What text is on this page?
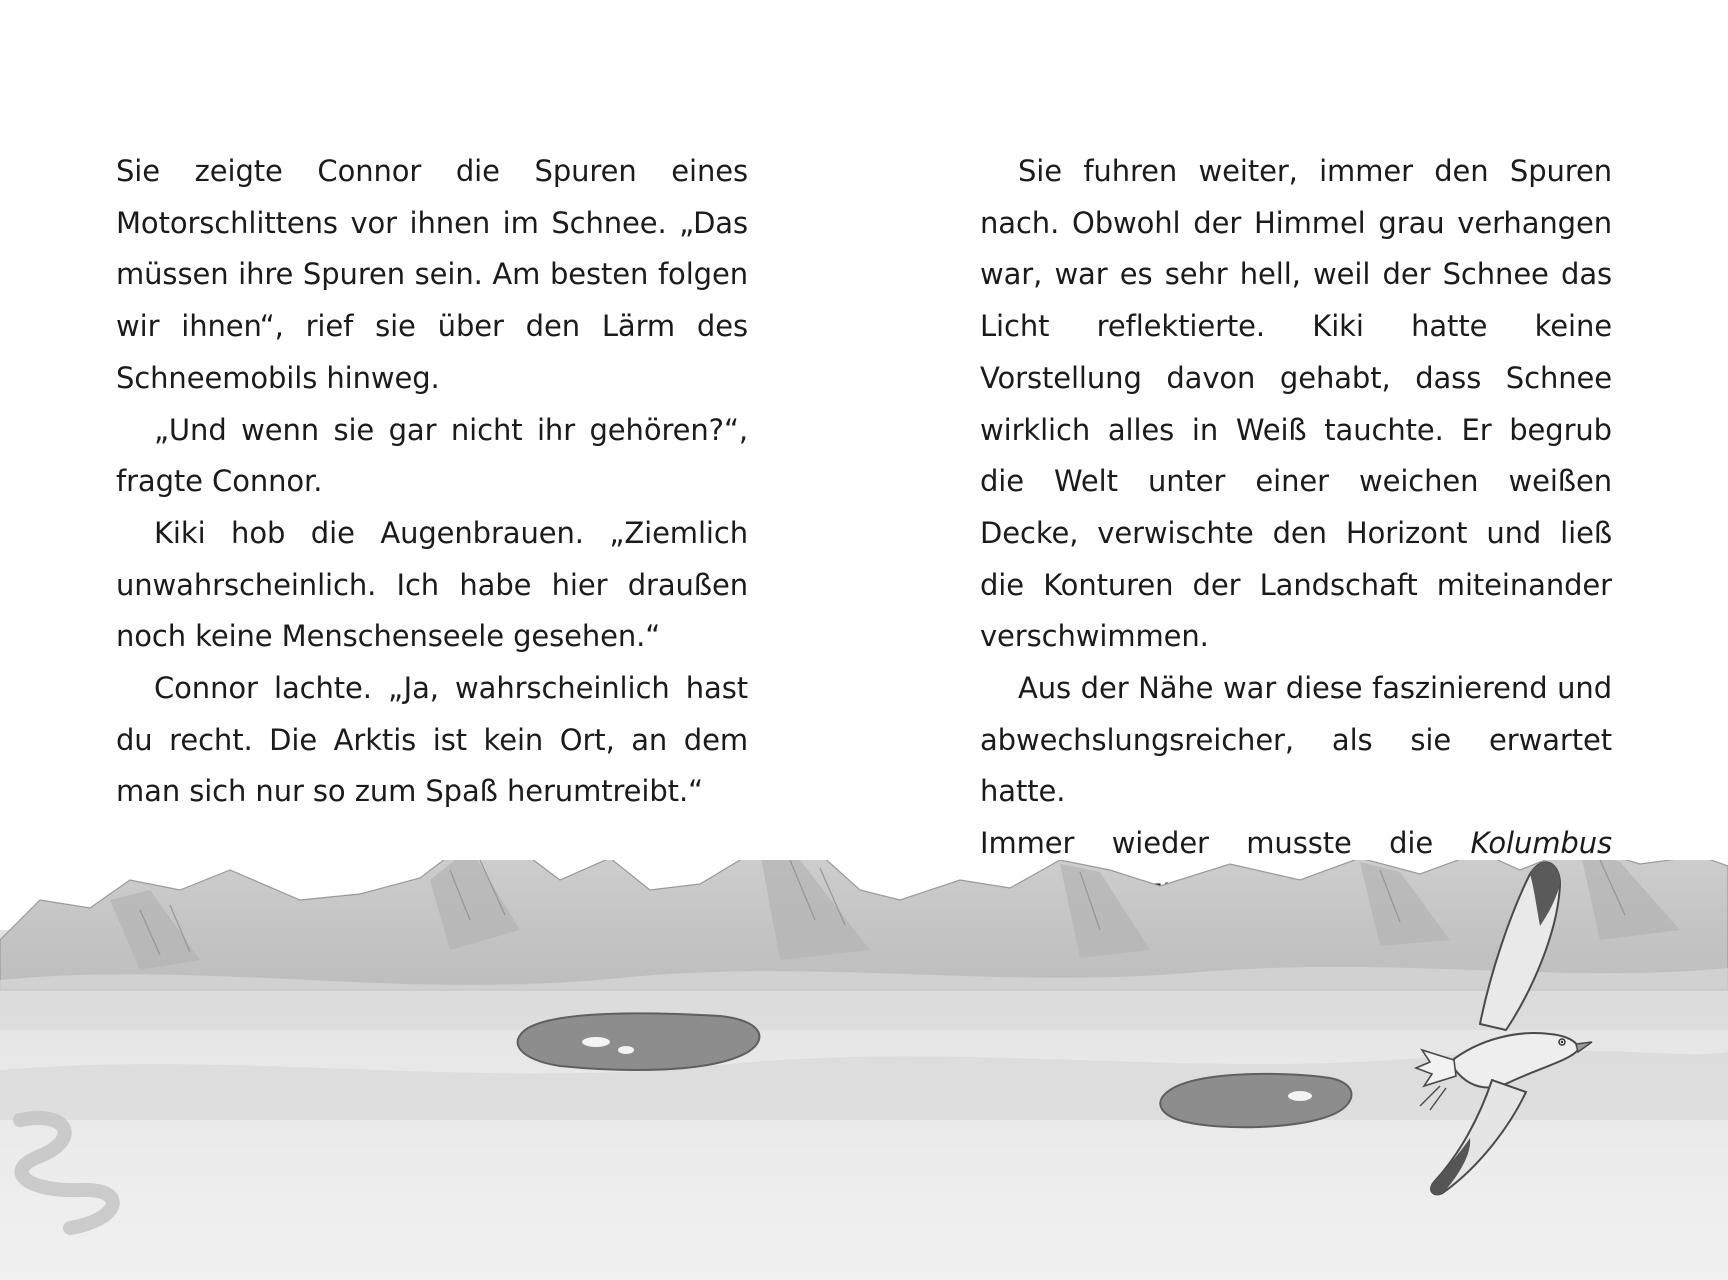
Sie zeigte Connor die Spuren eines Motorschlittens vor ihnen im Schnee. „Das müssen ihre Spuren sein. Am besten folgen wir ihnen“, rief sie über den Lärm des Schneemobils hinweg.

„Und wenn sie gar nicht ihr gehören?“, fragte Connor.

Kiki hob die Augenbrauen. „Ziemlich unwahrscheinlich. Ich habe hier draußen noch keine Menschenseele gesehen.“

Connor lachte. „Ja, wahrscheinlich hast du recht. Die Arktis ist kein Ort, an dem man sich nur so zum Spaß herumtreibt.“

Sie fuhren weiter, immer den Spuren nach. Obwohl der Himmel grau verhangen war, war es sehr hell, weil der Schnee das Licht reflektierte. Kiki hatte keine Vorstellung davon gehabt, dass Schnee wirklich alles in Weiß tauchte. Er begrub die Welt unter einer weichen weißen Decke, verwischte den Horizont und ließ die Konturen der Landschaft miteinander verschwimmen.

Aus der Nähe war diese faszinierend und abwechslungsreicher, als sie erwartet hatte.

Immer wieder musste die Kolumbus
